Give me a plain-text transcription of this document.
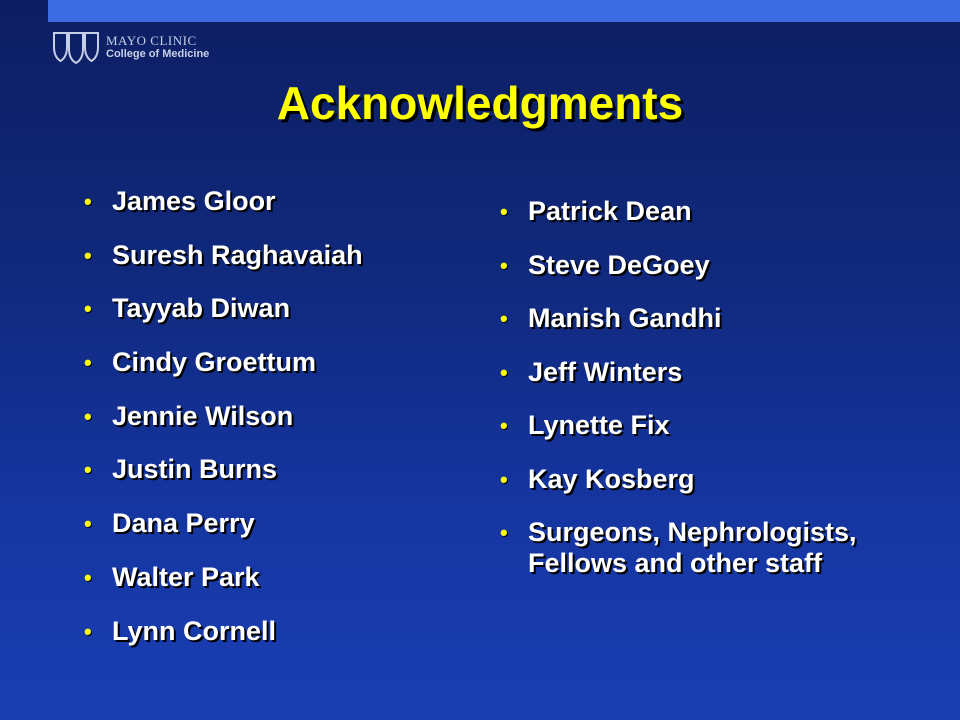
MAYO CLINIC
College of Medicine
Acknowledgments
• James Gloor
• Suresh Raghavaiah
• Tayyab Diwan
• Cindy Groettum
• Jennie Wilson
• Justin Burns
• Dana Perry
• Walter Park
• Lynn Cornell
• Patrick Dean
• Steve DeGoey
• Manish Gandhi
• Jeff Winters
• Lynette Fix
• Kay Kosberg
• Surgeons, Nephrologists, Fellows and other staff
